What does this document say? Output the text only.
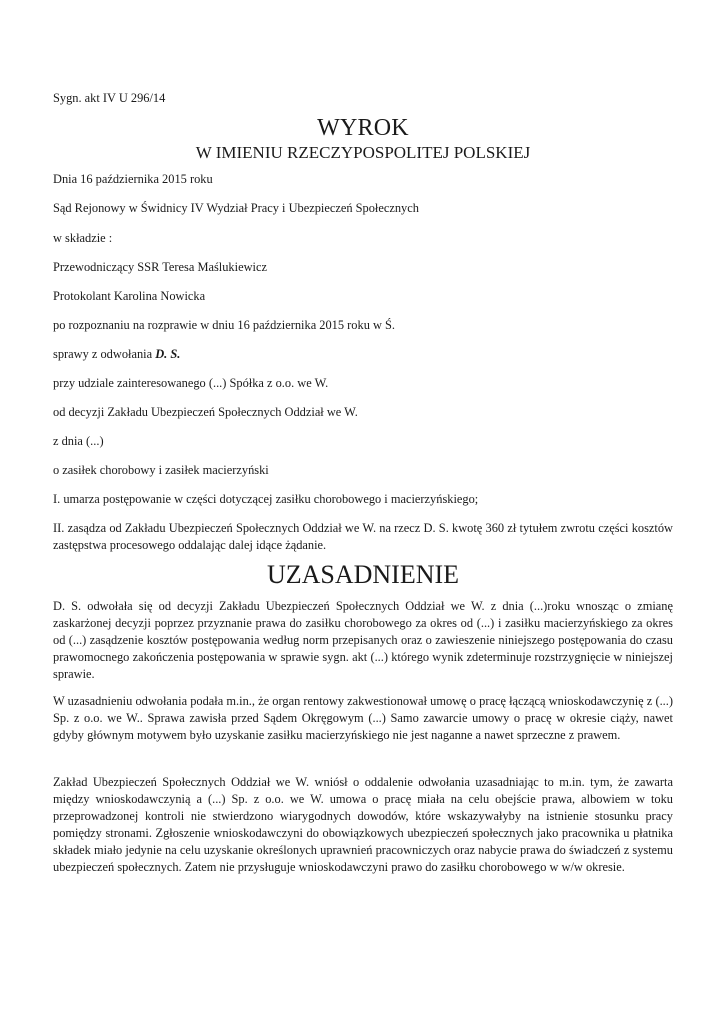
Sygn. akt IV U 296/14
WYROK
W IMIENIU RZECZYPOSPOLITEJ POLSKIEJ
Dnia 16 października 2015 roku
Sąd Rejonowy w Świdnicy IV Wydział Pracy i Ubezpieczeń Społecznych
w składzie :
Przewodniczący SSR Teresa Maślukiewicz
Protokolant Karolina Nowicka
po rozpoznaniu na rozprawie w dniu 16 października 2015 roku w Ś.
sprawy z odwołania D. S.
przy udziale zainteresowanego (...) Spółka z o.o. we W.
od decyzji Zakładu Ubezpieczeń Społecznych Oddział we W.
z dnia (...)
o zasiłek chorobowy i zasiłek macierzyński
I. umarza postępowanie w części dotyczącej zasiłku chorobowego i macierzyńskiego;
II. zasądza od Zakładu Ubezpieczeń Społecznych Oddział we W. na rzecz D. S. kwotę 360 zł tytułem zwrotu części kosztów zastępstwa procesowego oddalając dalej idące żądanie.
UZASADNIENIE
D. S. odwołała się od decyzji Zakładu Ubezpieczeń Społecznych Oddział we W. z dnia (...)roku wnosząc o zmianę zaskarżonej decyzji poprzez przyznanie prawa do zasiłku chorobowego za okres od (...) i zasiłku macierzyńskiego za okres od (...) zasądzenie kosztów postępowania według norm przepisanych oraz o zawieszenie niniejszego postępowania do czasu prawomocnego zakończenia postępowania w sprawie sygn. akt (...) którego wynik zdeterminuje rozstrzygnięcie w niniejszej sprawie.
W uzasadnieniu odwołania podała m.in., że organ rentowy zakwestionował umowę o pracę łączącą wnioskodawczynię z (...) Sp. z o.o. we W.. Sprawa zawisła przed Sądem Okręgowym (...) Samo zawarcie umowy o pracę w okresie ciąży, nawet gdyby głównym motywem było uzyskanie zasiłku macierzyńskiego nie jest naganne a nawet sprzeczne z prawem.
Zakład Ubezpieczeń Społecznych Oddział we W. wniósł o oddalenie odwołania uzasadniając to m.in. tym, że zawarta między wnioskodawczynią a (...) Sp. z o.o. we W. umowa o pracę miała na celu obejście prawa, albowiem w toku przeprowadzonej kontroli nie stwierdzono wiarygodnych dowodów, które wskazywałyby na istnienie stosunku pracy pomiędzy stronami. Zgłoszenie wnioskodawczyni do obowiązkowych ubezpieczeń społecznych jako pracownika u płatnika składek miało jedynie na celu uzyskanie określonych uprawnień pracowniczych oraz nabycie prawa do świadczeń z systemu ubezpieczeń społecznych. Zatem nie przysługuje wnioskodawczyni prawo do zasiłku chorobowego w w/w okresie.
